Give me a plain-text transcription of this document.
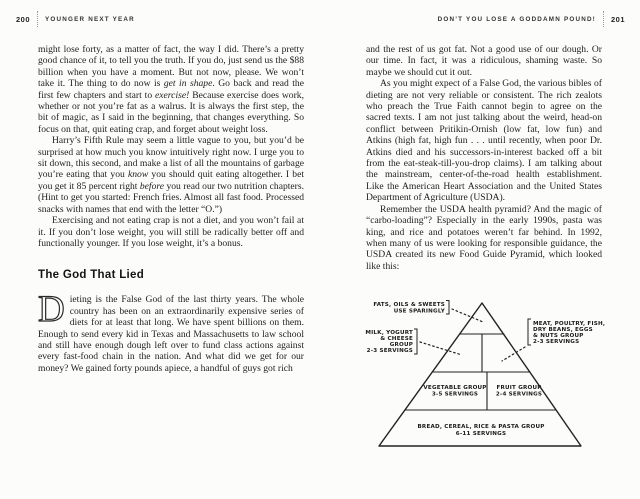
200 YOUNGER NEXT YEAR	DON’T YOU LOSE A GODDAMN POUND! 201

might lose forty, as a matter of fact, the way I did. There’s a pretty good chance of it, to tell you the truth. If you do, just send us the $88 billion when you have a moment. But not now, please. We won’t take it. The thing to do now is get in shape. Go back and read the first few chapters and start to exercise! Because exercise does work, whether or not you’re fat as a walrus. It is always the first step, the bit of magic, as I said in the beginning, that changes everything. So focus on that, quit eating crap, and forget about weight loss.

Harry’s Fifth Rule may seem a little vague to you, but you’d be surprised at how much you know intuitively right now. I urge you to sit down, this second, and make a list of all the mountains of garbage you’re eating that you know you should quit eating altogether. I bet you get it 85 percent right before you read our two nutrition chapters. (Hint to get you started: French fries. Almost all fast food. Processed snacks with names that end with the letter “O.”)

Exercising and not eating crap is not a diet, and you won’t fail at it. If you don’t lose weight, you will still be radically better off and functionally younger. If you lose weight, it’s a bonus.

The God That Lied

Dieting is the False God of the last thirty years. The whole country has been on an extraordinarily expensive series of diets for at least that long. We have spent billions on them. Enough to send every kid in Texas and Massachusetts to law school and still have enough dough left over to fund class actions against every fast-food chain in the nation. And what did we get for our money? We gained forty pounds apiece, a handful of guys got rich

and the rest of us got fat. Not a good use of our dough. Or our time. In fact, it was a ridiculous, shaming waste. So maybe we should cut it out.

As you might expect of a False God, the various bibles of dieting are not very reliable or consistent. The rich zealots who preach the True Faith cannot begin to agree on the sacred texts. I am not just talking about the weird, head-on conflict between Pritikin-Ornish (low fat, low fun) and Atkins (high fat, high fun . . . until recently, when poor Dr. Atkins died and his successors-in-interest backed off a bit from the eat-steak-till-you-drop claims). I am talking about the mainstream, center-of-the-road health establishment. Like the American Heart Association and the United States Department of Agriculture (USDA).

Remember the USDA health pyramid? And the magic of “carbo-loading”? Especially in the early 1990s, pasta was king, and rice and potatoes weren’t far behind. In 1992, when many of us were looking for responsible guidance, the USDA created its new Food Guide Pyramid, which looked like this:

FATS, OILS & SWEETS
USE SPARINGLY
MILK, YOGURT
& CHEESE
GROUP
2-3 SERVINGS
MEAT, POULTRY, FISH,
DRY BEANS, EGGS
& NUTS GROUP
2-3 SERVINGS
VEGETABLE GROUP
3-5 SERVINGS
FRUIT GROUP
2-4 SERVINGS
BREAD, CEREAL, RICE & PASTA GROUP
6-11 SERVINGS
